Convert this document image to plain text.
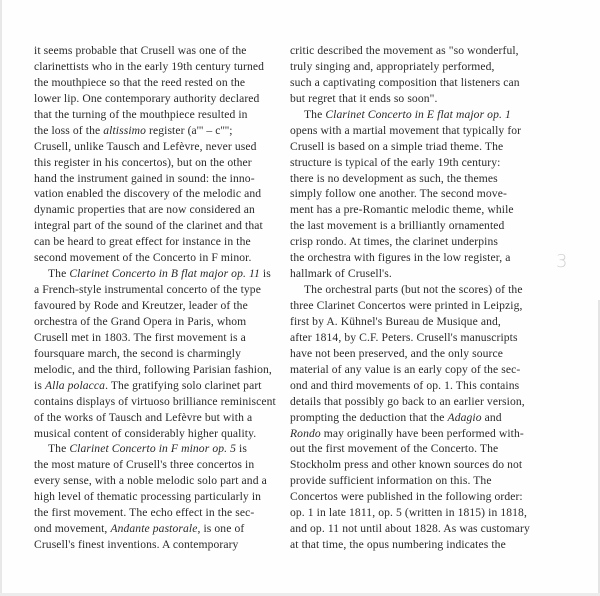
it seems probable that Crusell was one of the
clarinettists who in the early 19th century turned
the mouthpiece so that the reed rested on the
lower lip. One contemporary authority declared
that the turning of the mouthpiece resulted in
the loss of the altissimo register (a''' – c'''';
Crusell, unlike Tausch and Lefèvre, never used
this register in his concertos), but on the other
hand the instrument gained in sound: the inno-
vation enabled the discovery of the melodic and
dynamic properties that are now considered an
integral part of the sound of the clarinet and that
can be heard to great effect for instance in the
second movement of the Concerto in F minor.
The Clarinet Concerto in B flat major op. 11 is
a French-style instrumental concerto of the type
favoured by Rode and Kreutzer, leader of the
orchestra of the Grand Opera in Paris, whom
Crusell met in 1803. The first movement is a
foursquare march, the second is charmingly
melodic, and the third, following Parisian fashion,
is Alla polacca. The gratifying solo clarinet part
contains displays of virtuoso brilliance reminiscent
of the works of Tausch and Lefèvre but with a
musical content of considerably higher quality.
The Clarinet Concerto in F minor op. 5 is
the most mature of Crusell's three concertos in
every sense, with a noble melodic solo part and a
high level of thematic processing particularly in
the first movement. The echo effect in the sec-
ond movement, Andante pastorale, is one of
Crusell's finest inventions. A contemporary
critic described the movement as "so wonderful,
truly singing and, appropriately performed,
such a captivating composition that listeners can
but regret that it ends so soon".
The Clarinet Concerto in E flat major op. 1
opens with a martial movement that typically for
Crusell is based on a simple triad theme. The
structure is typical of the early 19th century:
there is no development as such, the themes
simply follow one another. The second move-
ment has a pre-Romantic melodic theme, while
the last movement is a brilliantly ornamented
crisp rondo. At times, the clarinet underpins
the orchestra with figures in the low register, a
hallmark of Crusell's.
The orchestral parts (but not the scores) of the
three Clarinet Concertos were printed in Leipzig,
first by A. Kühnel's Bureau de Musique and,
after 1814, by C.F. Peters. Crusell's manuscripts
have not been preserved, and the only source
material of any value is an early copy of the sec-
ond and third movements of op. 1. This contains
details that possibly go back to an earlier version,
prompting the deduction that the Adagio and
Rondo may originally have been performed with-
out the first movement of the Concerto. The
Stockholm press and other known sources do not
provide sufficient information on this. The
Concertos were published in the following order:
op. 1 in late 1811, op. 5 (written in 1815) in 1818,
and op. 11 not until about 1828. As was customary
at that time, the opus numbering indicates the
3
